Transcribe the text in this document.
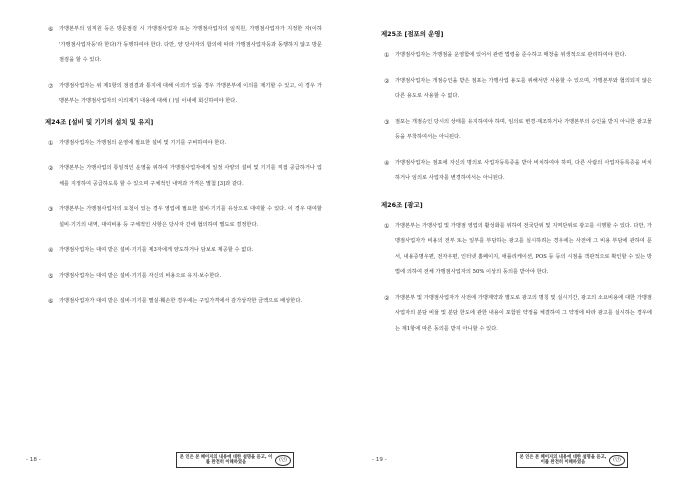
⑥	가맹본부의 임직원 등은 방문점검 시 가맹점사업자 또는 가맹점사업자의 임직원, 가맹점사업자가 지정한 자(이하 '가맹점사업자등'라 한다)가 동행하여야 한다. 다만, 양 당사자의 합의에 따라 가맹점사업자등과 동행하지 않고 방문점검을 할 수 있다.
⑦	가맹점사업자는 위 제1항의 점검결과 통지에 대해 이의가 있을 경우 가맹본부에 이의를 제기할 수 있고, 이 경우 가맹본부는 가맹점사업자의 이의제기 내용에 대해 ( )일 이내에 회신하여야 한다.
제24조 [설비 및 기기의 설치 및 유지]
①	가맹점사업자는 가맹점의 운영에 필요한 설비 및 기기를 구비하여야 한다.
②	가맹본부는 가맹사업의 통일적인 운영을 위하여 가맹점사업자에게 일정 사양의 설비 및 기기를 직접 공급하거나 업체를 지정하여 공급하도록 할 수 있으며 구체적인 내역과 가격은 별첨 [3]과 같다.
③	가맹본부는 가맹점사업자의 요청이 있는 경우 영업에 필요한 설비·기기를 유상으로 대여할 수 있다. 이 경우 대여할 설비·기기의 내역, 대여비용 등 구체적인 사항은 당사자 간에 협의하여 별도로 결정한다.
④	가맹점사업자는 대여 받은 설비·기기를 제3자에게 양도하거나 담보로 제공할 수 없다.
⑤	가맹점사업자는 대여 받은 설비·기기를 자신의 비용으로 유지·보수한다.
⑥	가맹점사업자가 대여 받은 설비·기기를 멸실·훼손한 경우에는 구입가격에서 감가상각한 금액으로 배상한다.
- 18 -	본 인은 본 페이지의 내용에 대한 설명을 듣고, 이를 완전히 이해하였음	(인)
제25조 [점포의 운영]
①	가맹점사업자는 가맹점을 운영함에 있어서 관련 법령을 준수하고 매장을 위생적으로 관리하여야 한다.
②	가맹점사업자는 개점승인을 받은 점포는 가맹사업 용도를 위해서만 사용할 수 있으며, 가맹본부와 협의되지 않은 다른 용도로 사용할 수 없다.
③	점포는 개점승인 당시의 상태를 유지하여야 하며, 임의로 변경·재조하거나 가맹본부의 승인을 받지 아니한 광고물 등을 부착하여서는 아니된다.
④	가맹점사업자는 점포에 자신의 명의로 사업자등록증을 받아 비치하여야 하며, 다른 사람의 사업자등록증을 비치하거나 임의로 사업자를 변경하여서는 아니된다.
제26조 [광고]
①	가맹본부는 가맹사업 및 가맹점 영업의 활성화를 위하여 전국단위 및 지역단위로 광고를 시행할 수 있다. 다만, 가맹점사업자가 비용의 전부 또는 일부를 부담하는 광고를 실시하려는 경우에는 사전에 그 비용 부담에 관하여 문서, 내용증명우편, 전자우편, 인터넷 홈페이지, 애플리케이션, POS 등 등의 시점을 객관적으로 확인할 수 있는 방법에 의하여 전체 가맹점사업자의 50% 이상의 동의를 받아야 한다.
②	가맹본부 및 가맹점사업자가 사전에 가맹계약과 별도로 광고의 명칭 및 실시기간, 광고의 소요비용에 대한 가맹점사업자의 분담 비율 및 분담 한도에 관한 내용이 포함된 약정을 체결하여 그 약정에 따라 광고를 실시하는 경우에는 제1항에 따른 동의를 받지 아니할 수 있다.
- 19 -	본 인은 본 페이지의 내용에 대한 설명을 듣고, 이를 완전히 이해하였음	(인)
